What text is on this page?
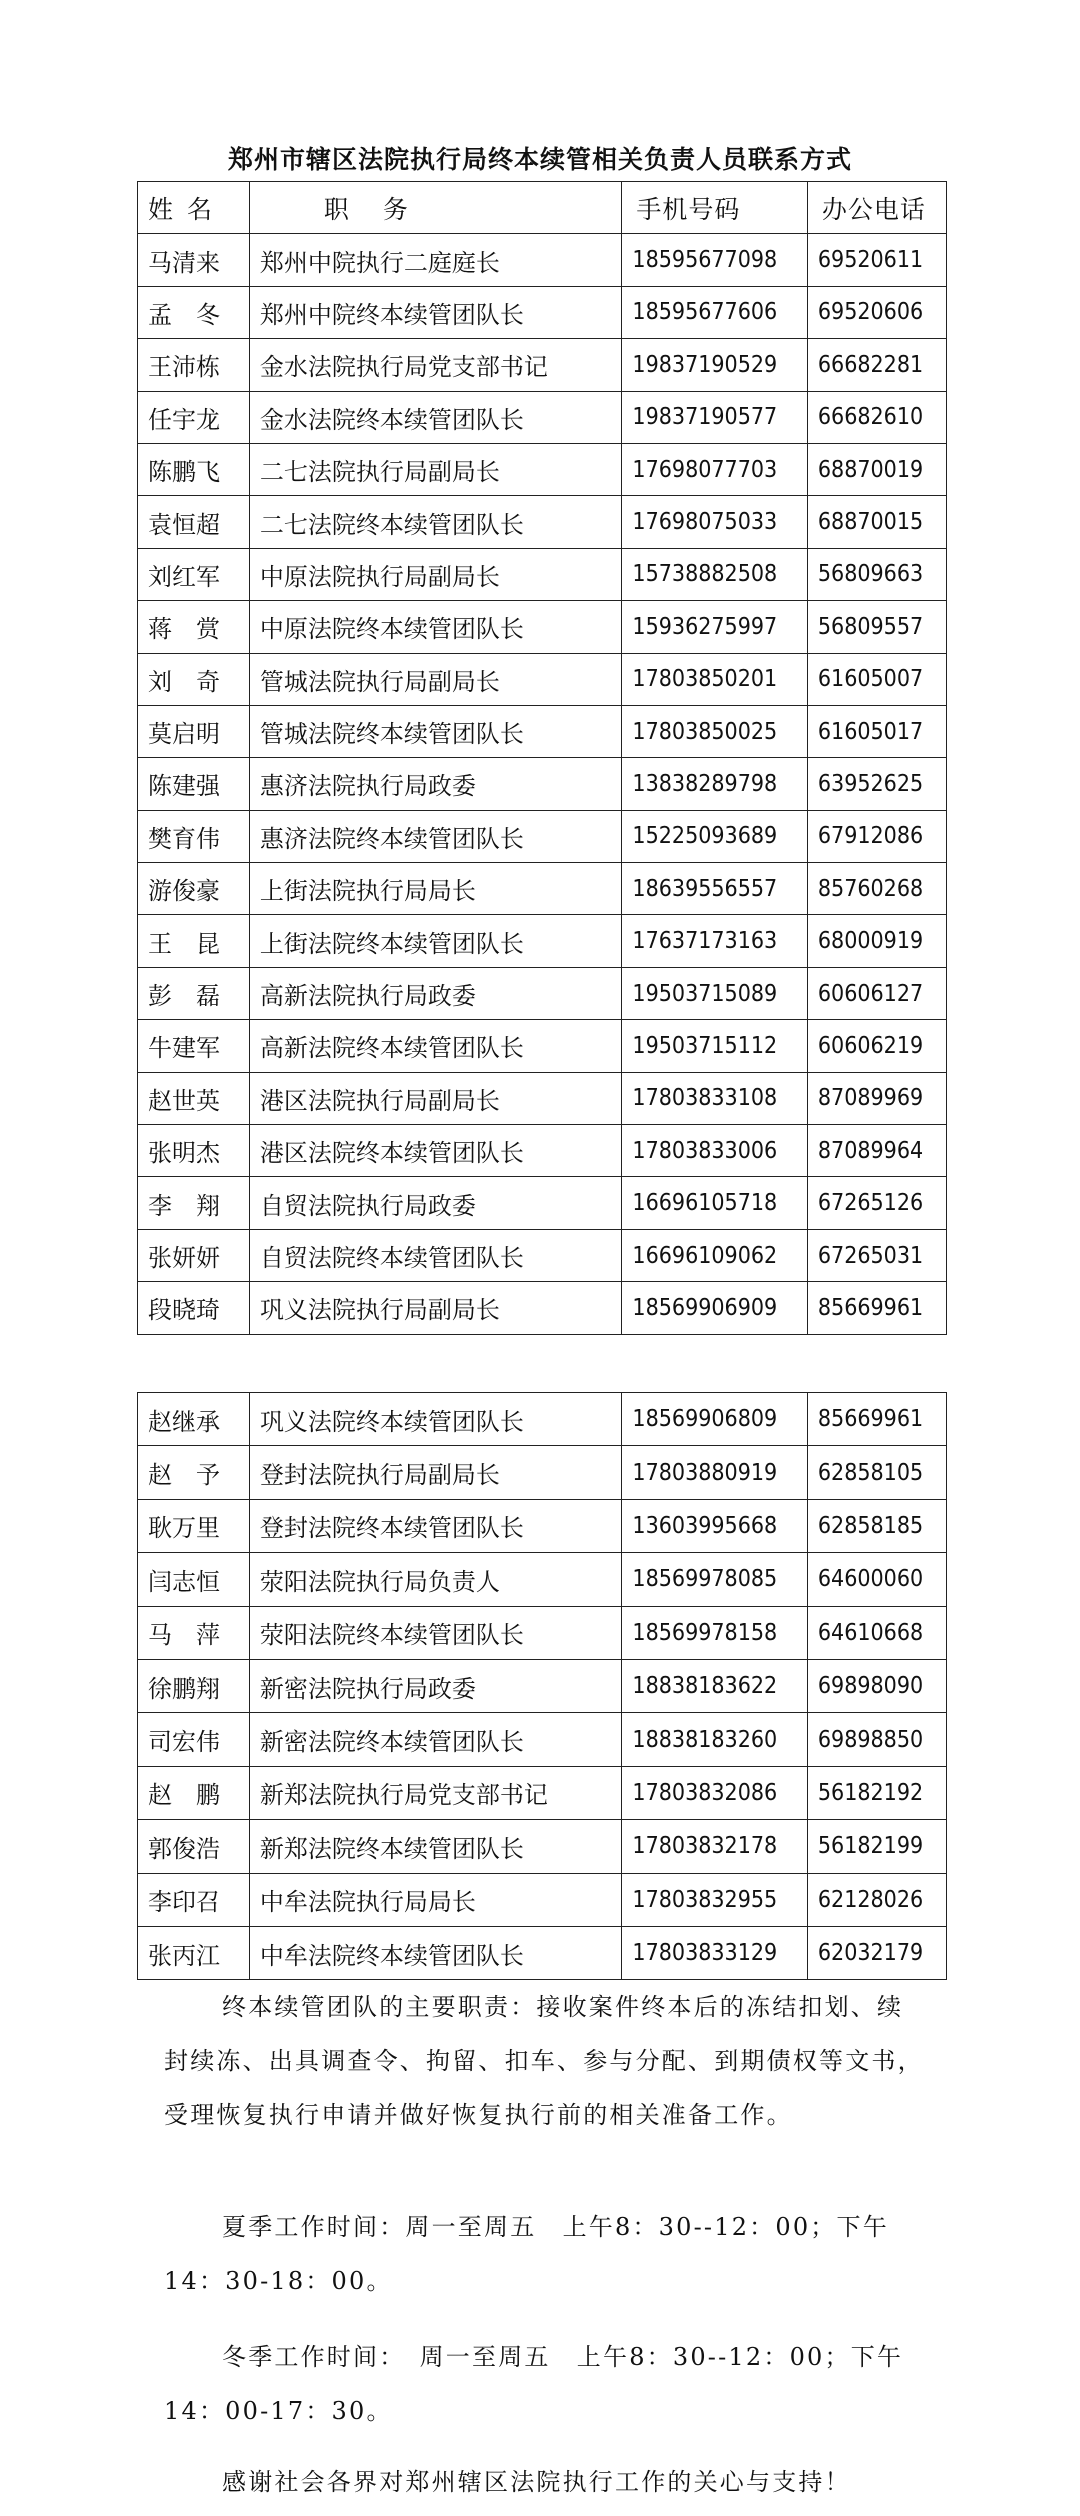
郑州市辖区法院执行局终本续管相关负责人员联系方式
姓名	职务	手机号码	办公电话
马清来	郑州中院执行二庭庭长	18595677098	69520611
孟　冬	郑州中院终本续管团队长	18595677606	69520606
王沛栋	金水法院执行局党支部书记	19837190529	66682281
任宇龙	金水法院终本续管团队长	19837190577	66682610
陈鹏飞	二七法院执行局副局长	17698077703	68870019
袁恒超	二七法院终本续管团队长	17698075033	68870015
刘红军	中原法院执行局副局长	15738882508	56809663
蒋　赏	中原法院终本续管团队长	15936275997	56809557
刘　奇	管城法院执行局副局长	17803850201	61605007
莫启明	管城法院终本续管团队长	17803850025	61605017
陈建强	惠济法院执行局政委	13838289798	63952625
樊育伟	惠济法院终本续管团队长	15225093689	67912086
游俊豪	上街法院执行局局长	18639556557	85760268
王　昆	上街法院终本续管团队长	17637173163	68000919
彭　磊	高新法院执行局政委	19503715089	60606127
牛建军	高新法院终本续管团队长	19503715112	60606219
赵世英	港区法院执行局副局长	17803833108	87089969
张明杰	港区法院终本续管团队长	17803833006	87089964
李　翔	自贸法院执行局政委	16696105718	67265126
张妍妍	自贸法院终本续管团队长	16696109062	67265031
段晓琦	巩义法院执行局副局长	18569906909	85669961
赵继承	巩义法院终本续管团队长	18569906809	85669961
赵　予	登封法院执行局副局长	17803880919	62858105
耿万里	登封法院终本续管团队长	13603995668	62858185
闫志恒	荥阳法院执行局负责人	18569978085	64600060
马　萍	荥阳法院终本续管团队长	18569978158	64610668
徐鹏翔	新密法院执行局政委	18838183622	69898090
司宏伟	新密法院终本续管团队长	18838183260	69898850
赵　鹏	新郑法院执行局党支部书记	17803832086	56182192
郭俊浩	新郑法院终本续管团队长	17803832178	56182199
李印召	中牟法院执行局局长	17803832955	62128026
张丙江	中牟法院终本续管团队长	17803833129	62032179
终本续管团队的主要职责：接收案件终本后的冻结扣划、续封续冻、出具调查令、拘留、扣车、参与分配、到期债权等文书，受理恢复执行申请并做好恢复执行前的相关准备工作。
夏季工作时间：周一至周五　上午8：30--12：00；下午14：30-18：00。
冬季工作时间：　周一至周五　上午8：30--12：00；下午14：00-17：30。
感谢社会各界对郑州辖区法院执行工作的关心与支持！
